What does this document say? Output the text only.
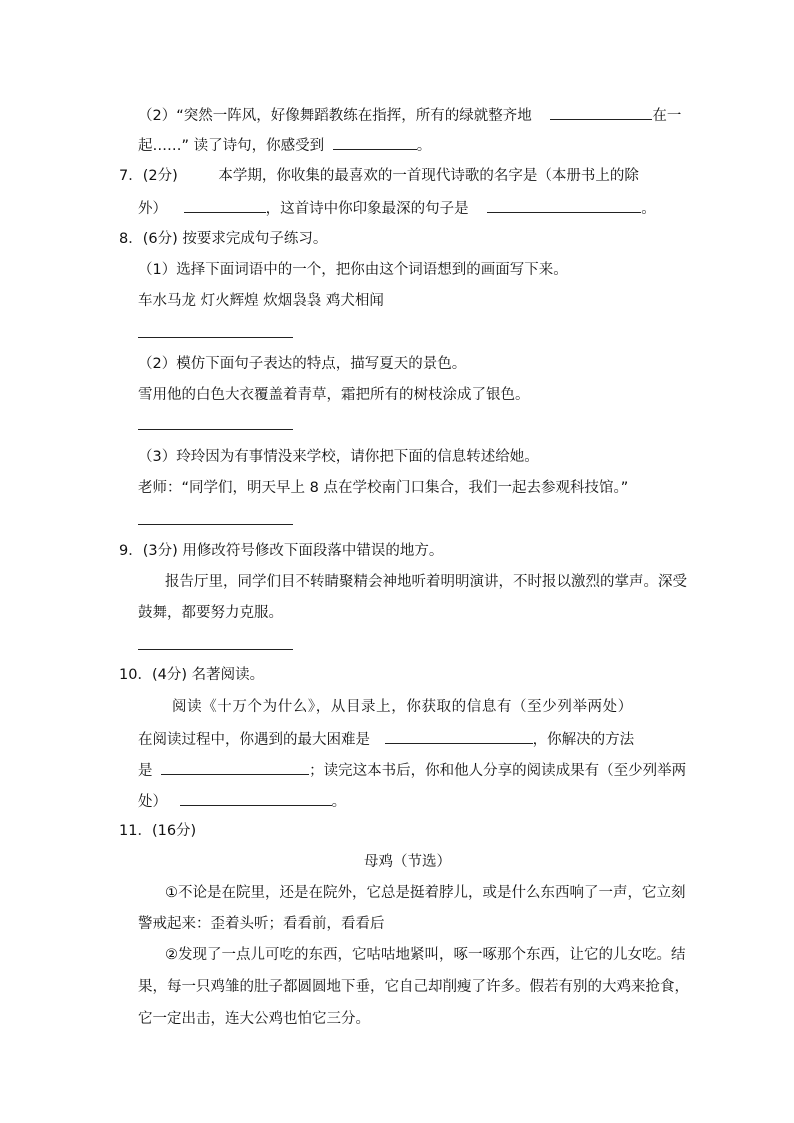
（2）“突然一阵风，好像舞蹈教练在指挥，所有的绿就整齐地	在一
起……” 读了诗句，你感受到	。
7．(2分)	本学期，你收集的最喜欢的一首现代诗歌的名字是（本册书上的除
外）	，这首诗中你印象最深的句子是	。
8．(6分) 按要求完成句子练习。
（1）选择下面词语中的一个，把你由这个词语想到的画面写下来。
车水马龙 灯火辉煌 炊烟袅袅 鸡犬相闻
（2）模仿下面句子表达的特点，描写夏天的景色。
雪用他的白色大衣覆盖着青草，霜把所有的树枝涂成了银色。
（3）玲玲因为有事情没来学校，请你把下面的信息转述给她。
老师：“同学们，明天早上 8 点在学校南门口集合，我们一起去参观科技馆。”
9．(3分) 用修改符号修改下面段落中错误的地方。
报告厅里，同学们目不转睛聚精会神地听着明明演讲，不时报以激烈的掌声。深受
鼓舞，都要努力克服。
10．(4分) 名著阅读。
阅读《十万个为什么》，从目录上，你获取的信息有（至少列举两处）
在阅读过程中，你遇到的最大困难是	，你解决的方法
是	；读完这本书后，你和他人分享的阅读成果有（至少列举两
处）	。
11．(16分)
母鸡（节选）
①不论是在院里，还是在院外，它总是挺着脖儿，或是什么东西响了一声，它立刻
警戒起来：歪着头听；看看前，看看后
②发现了一点儿可吃的东西，它咕咕地紧叫，啄一啄那个东西，让它的儿女吃。结
果，每一只鸡雏的肚子都圆圆地下垂，它自己却削瘦了许多。假若有别的大鸡来抢食，
它一定出击，连大公鸡也怕它三分。
